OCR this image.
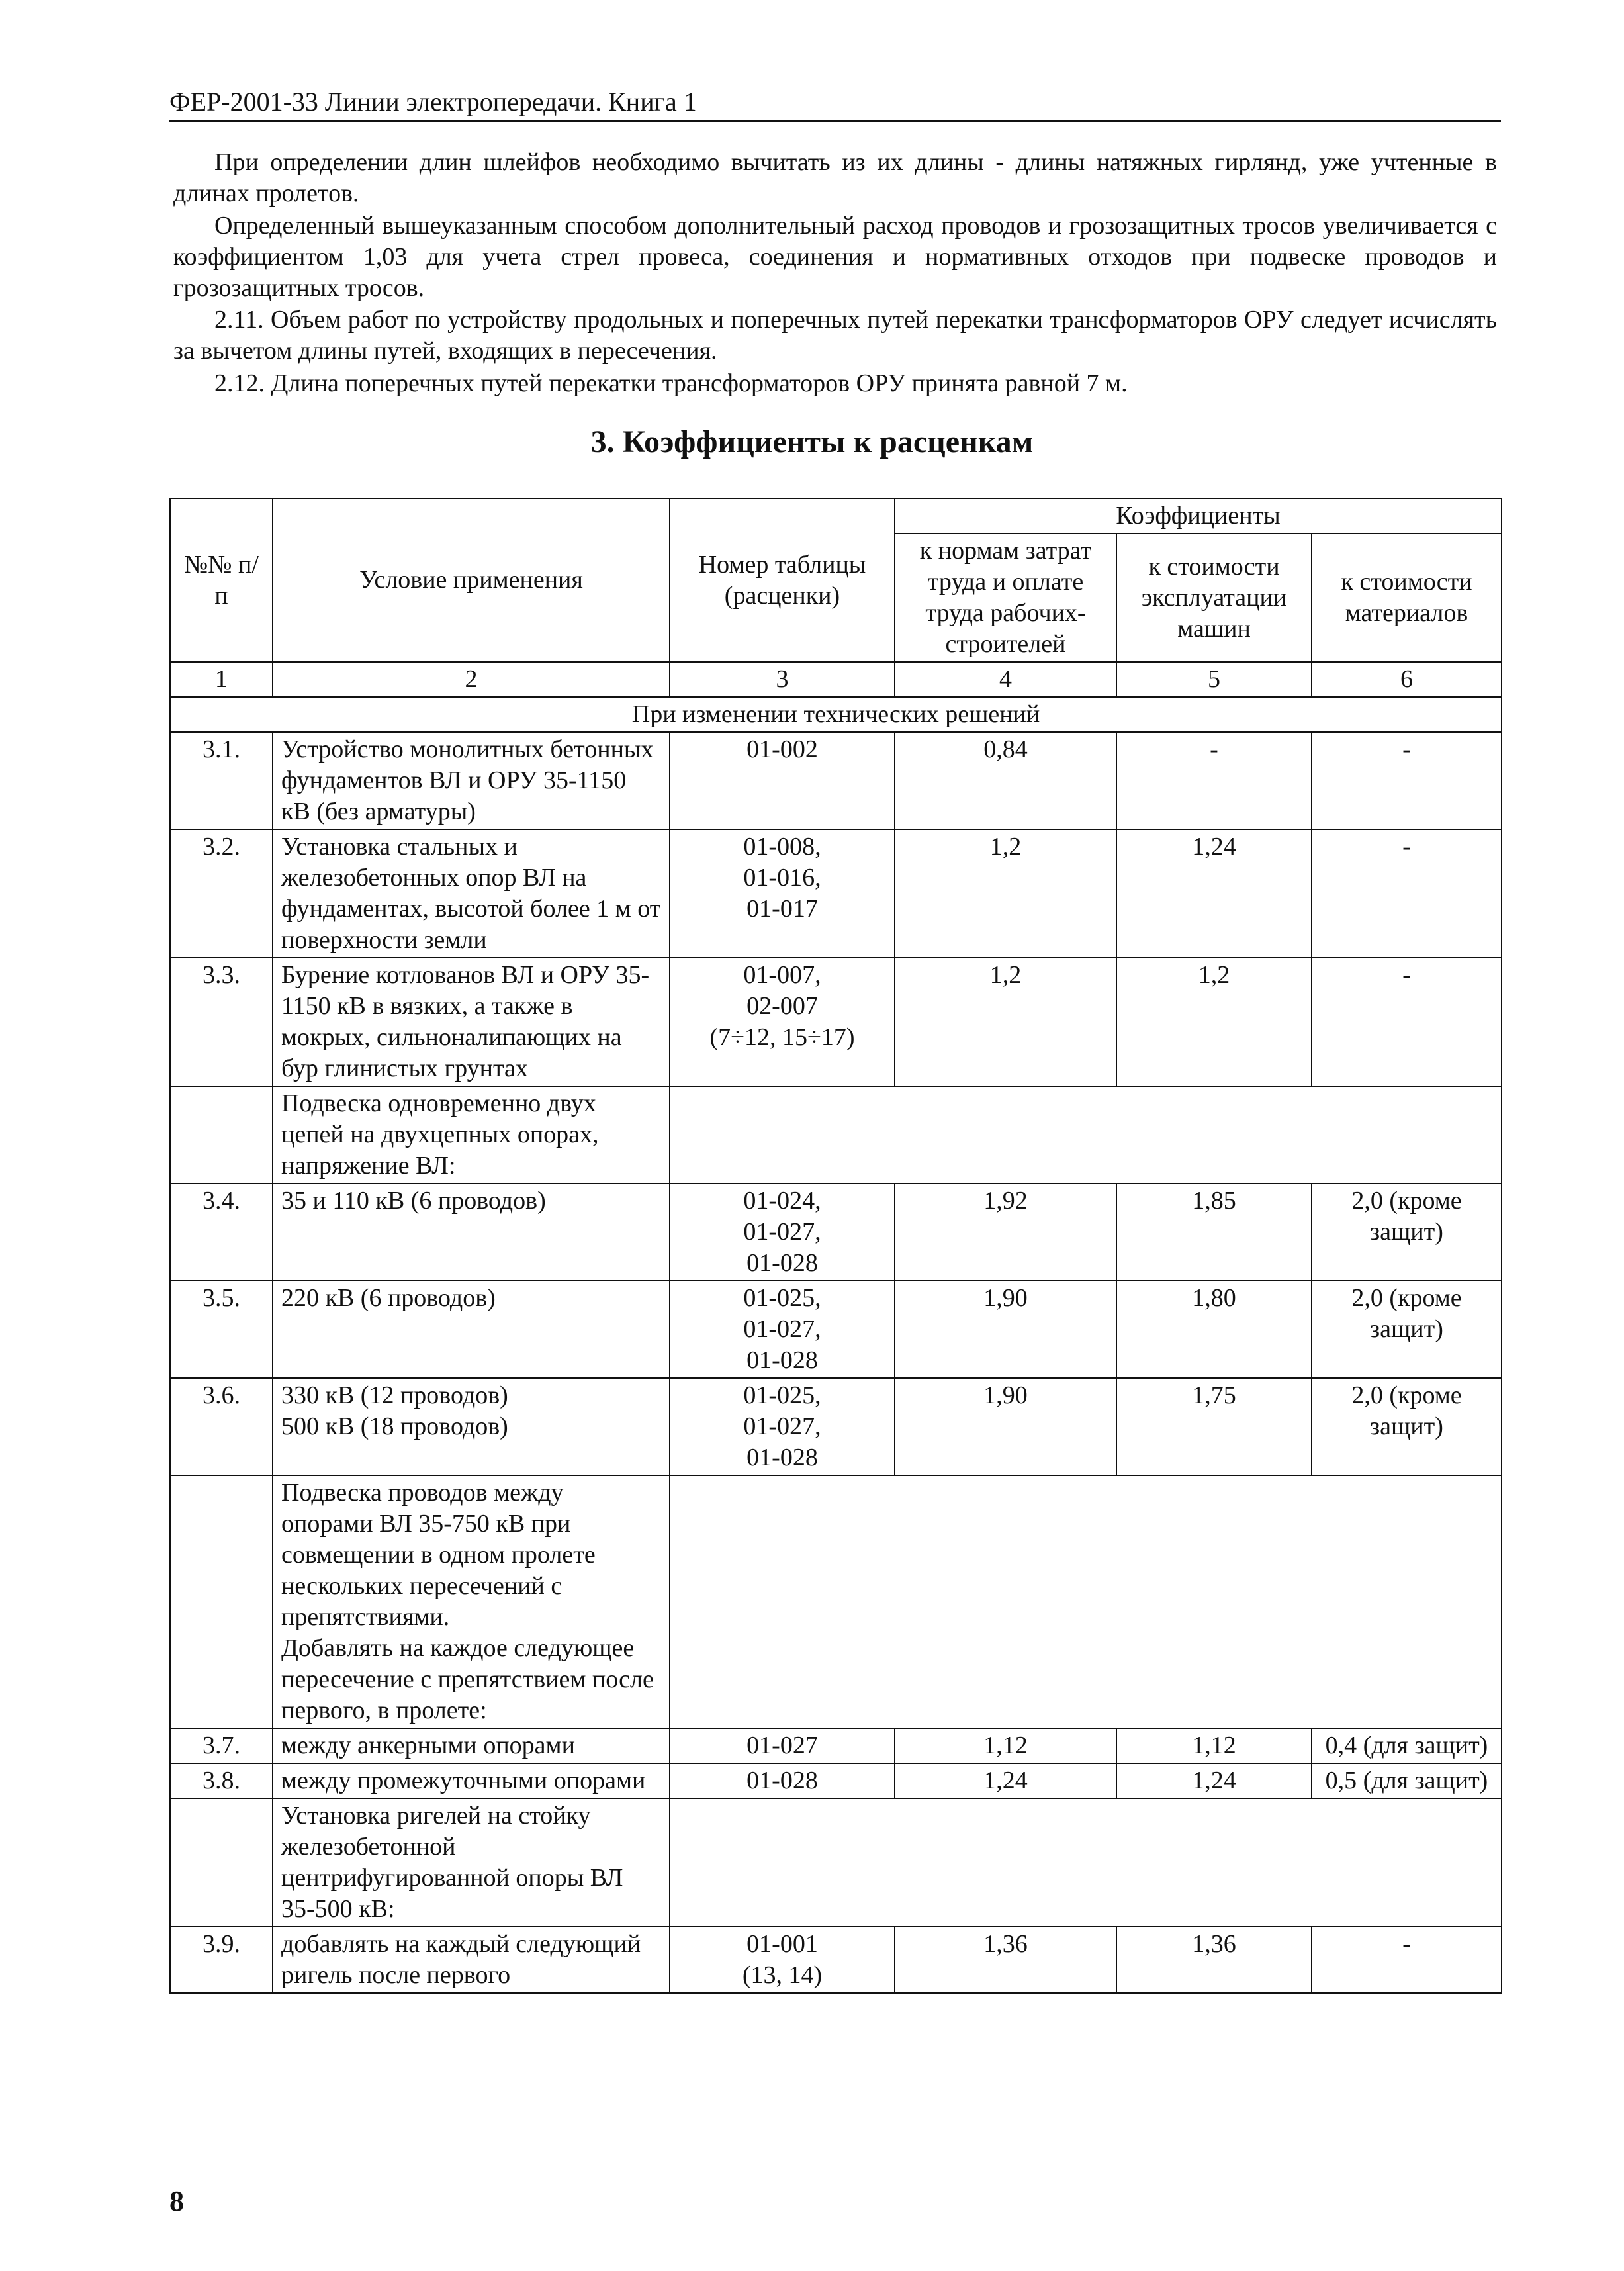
ФЕР-2001-33 Линии электропередачи. Книга 1
При определении длин шлейфов необходимо вычитать из их длины - длины натяжных гирлянд, уже учтенные в длинах пролетов.
Определенный вышеуказанным способом дополнительный расход проводов и грозозащитных тросов увеличивается с коэффициентом 1,03 для учета стрел провеса, соединения и нормативных отходов при подвеске проводов и грозозащитных тросов.
2.11. Объем работ по устройству продольных и поперечных путей перекатки трансформаторов ОРУ следует исчислять за вычетом длины путей, входящих в пересечения.
2.12. Длина поперечных путей перекатки трансформаторов ОРУ принята равной 7 м.
3. Коэффициенты к расценкам
№№ п/п	Условие применения	Номер таблицы (расценки)	Коэффициенты		
			к нормам затрат труда и оплате труда рабочих-строителей	к стоимости эксплуатации машин	к стоимости материалов
1	2	3	4	5	6
При изменении технических решений					
3.1.	Устройство монолитных бетонных фундаментов ВЛ и ОРУ 35-1150 кВ (без арматуры)	01-002	0,84	-	-
3.2.	Установка стальных и железобетонных опор ВЛ на фундаментах, высотой более 1 м от поверхности земли	01-008,
01-016,
01-017	1,2	1,24	-
3.3.	Бурение котлованов ВЛ и ОРУ 35-1150 кВ в вязких, а также в мокрых, сильноналипающих на бур глинистых грунтах	01-007,
02-007
(7÷12, 15÷17)	1,2	1,2	-
	Подвеска одновременно двух цепей на двухцепных опорах, напряжение ВЛ:				
3.4.	35 и 110 кВ (6 проводов)	01-024,
01-027,
01-028	1,92	1,85	2,0 (кроме защит)
3.5.	220 кВ (6 проводов)	01-025,
01-027,
01-028	1,90	1,80	2,0 (кроме защит)
3.6.	330 кВ (12 проводов)
500 кВ (18 проводов)	01-025,
01-027,
01-028	1,90	1,75	2,0 (кроме защит)
	Подвеска проводов между опорами ВЛ 35-750 кВ при совмещении в одном пролете нескольких пересечений с препятствиями.
Добавлять на каждое следующее пересечение с препятствием после первого, в пролете:				
3.7.	между анкерными опорами	01-027	1,12	1,12	0,4 (для защит)
3.8.	между промежуточными опорами	01-028	1,24	1,24	0,5 (для защит)
	Установка ригелей на стойку железобетонной центрифугированной опоры ВЛ 35-500 кВ:				
3.9.	добавлять на каждый следующий ригель после первого	01-001
(13, 14)	1,36	1,36	-
8
